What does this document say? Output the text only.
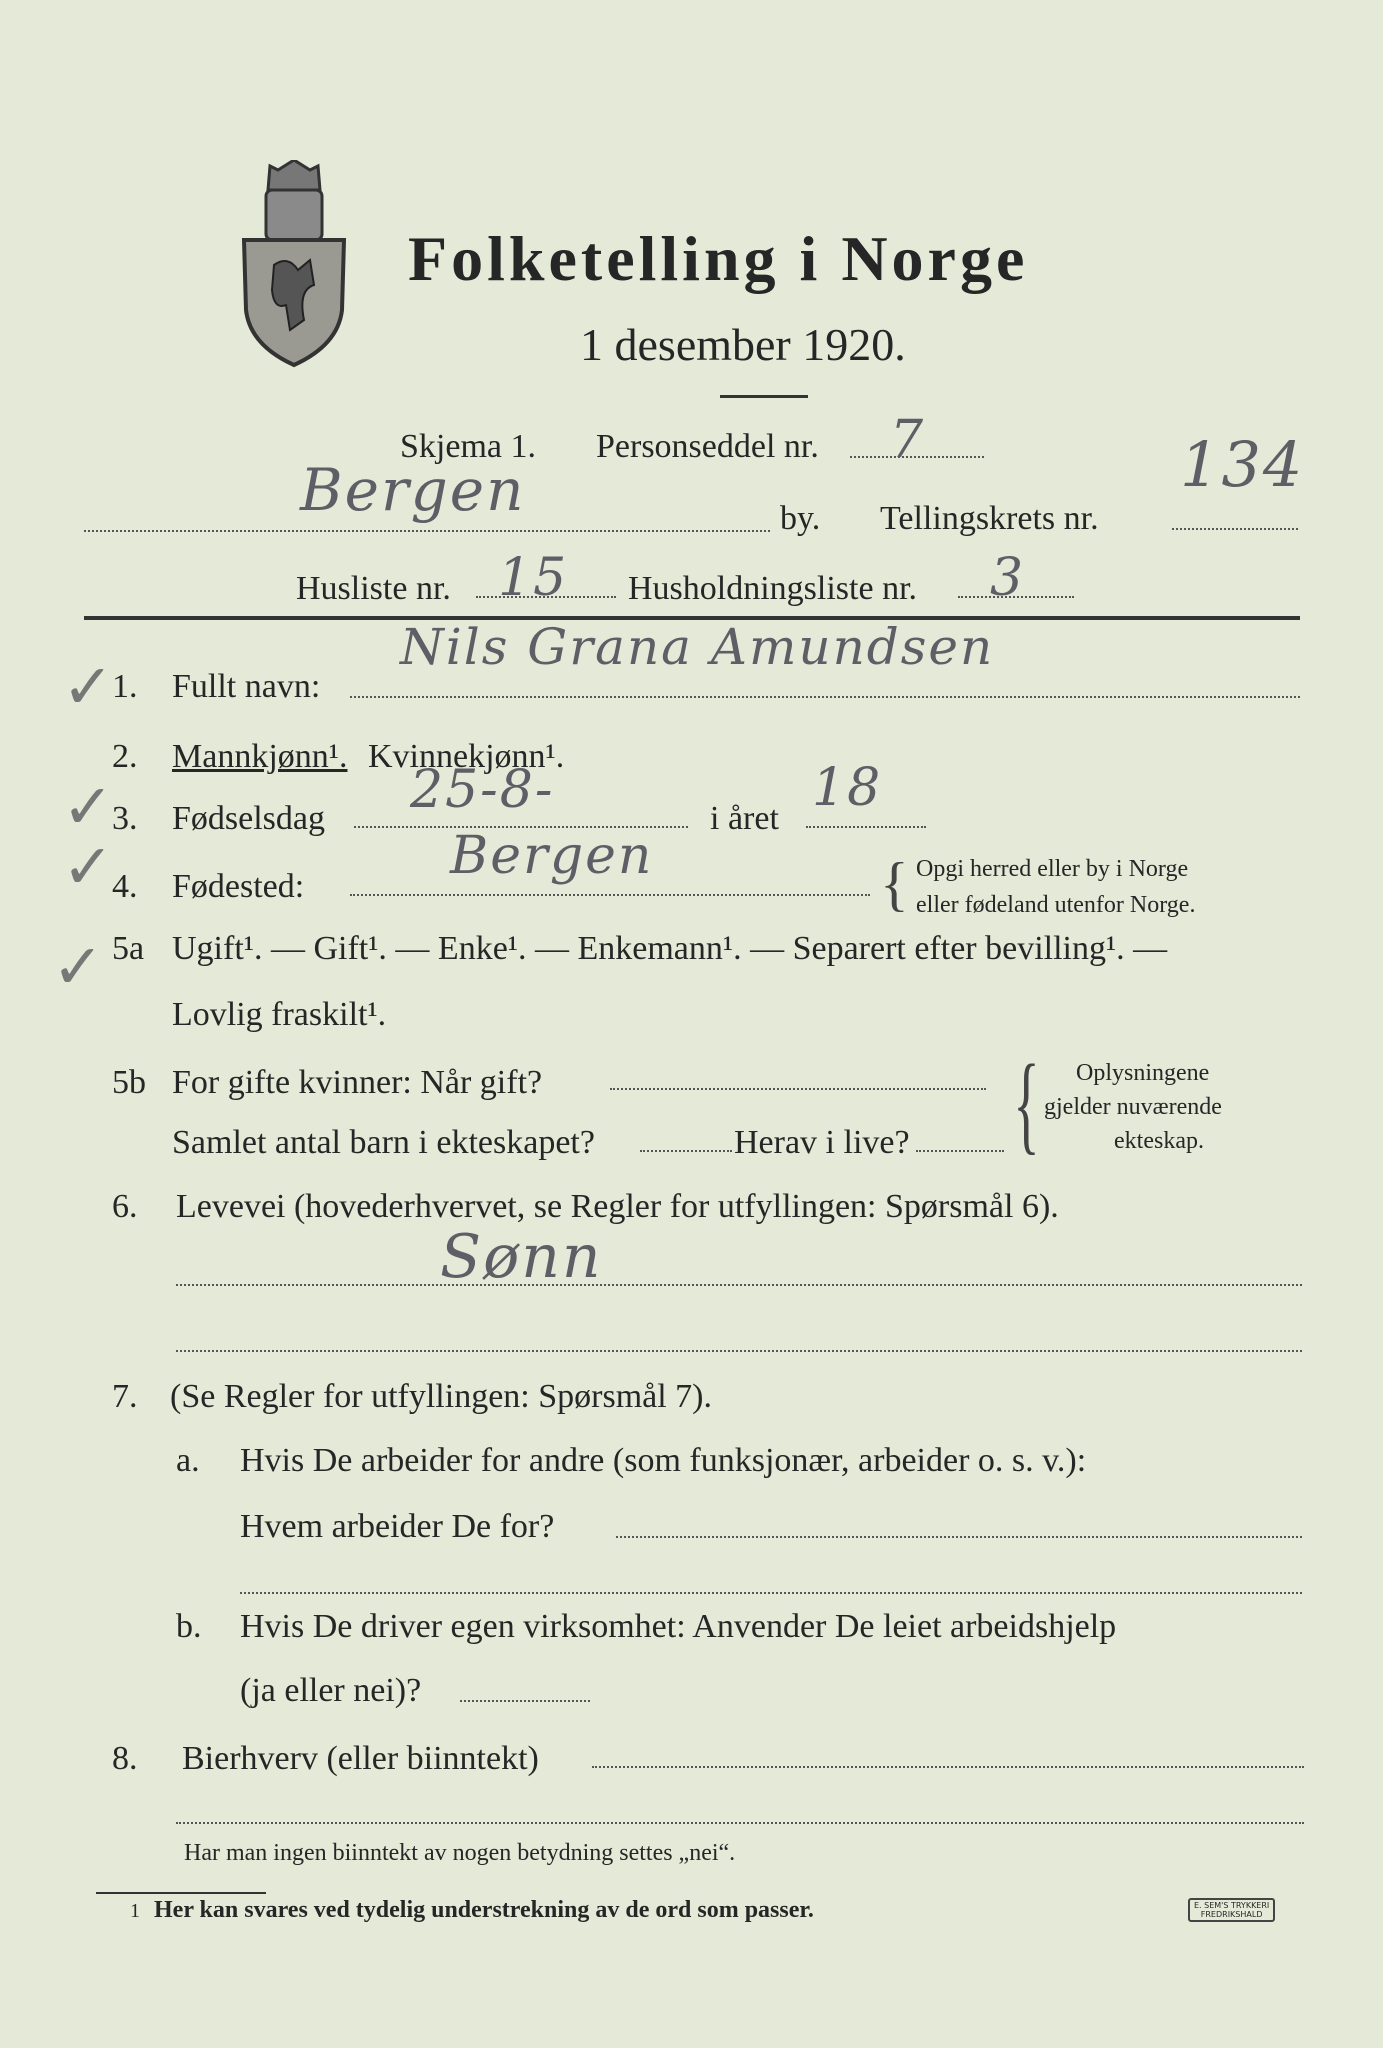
Folketelling i Norge
1 desember 1920.
Skjema 1. Personseddel nr. 7
Bergen	by. Tellingskrets nr.
134
Husliste nr. 15 Husholdningsliste nr. 3
✓
✓
✓
✓
1. Fullt navn:
Nils Grana Amundsen
2. Mannkjønn¹. Kvinnekjønn¹.
3. Fødselsdag 25-8-	i året
18
4. Fødested:
Bergen	{ Opgi herred eller by i Norge
eller fødeland utenfor Norge.
5a Ugift¹. — Gift¹. — Enke¹. — Enkemann¹. — Separert efter bevilling¹. —
Lovlig fraskilt¹.
5b For gifte kvinner: Når gift?
Samlet antal barn i ekteskapet?	Herav i live? { Oplysningene
gjelder nuværende
ekteskap.
6. Levevei (hovederhvervet, se Regler for utfyllingen: Spørsmål 6).
Sønn
7. (Se Regler for utfyllingen: Spørsmål 7).
a. Hvis De arbeider for andre (som funksjonær, arbeider o. s. v.):
Hvem arbeider De for?
b. Hvis De driver egen virksomhet: Anvender De leiet arbeidshjelp
(ja eller nei)?
8. Bierhverv (eller biinntekt)
Har man ingen biinntekt av nogen betydning settes „nei“.
1 Her kan svares ved tydelig understrekning av de ord som passer.	E. SEM'S TRYKKERI
FREDRIKSHALD
